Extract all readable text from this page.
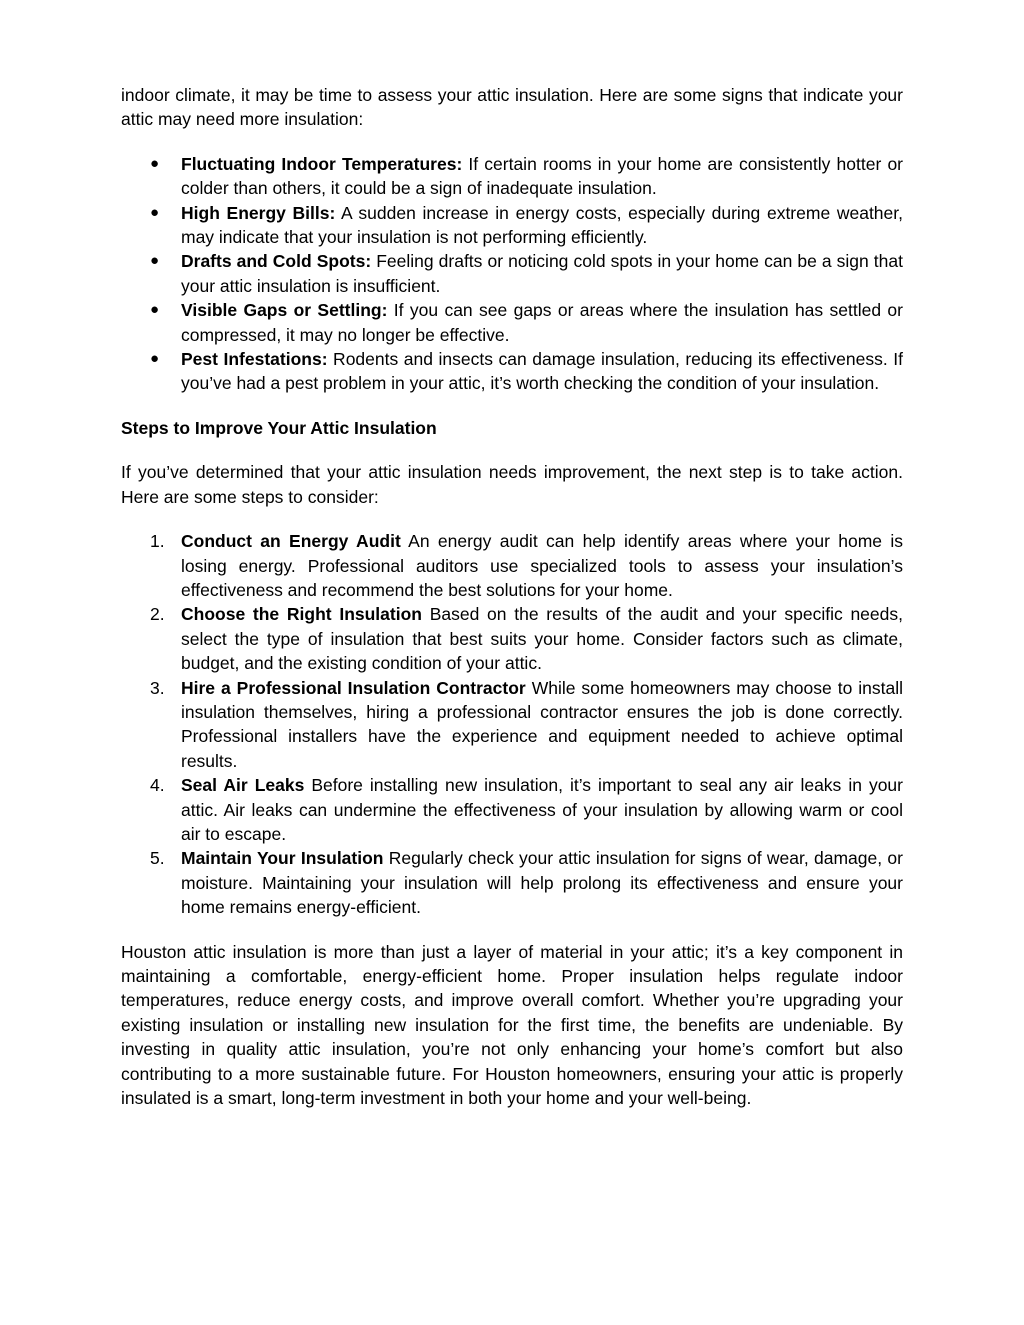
indoor climate, it may be time to assess your attic insulation. Here are some signs that indicate your attic may need more insulation:

● Fluctuating Indoor Temperatures: If certain rooms in your home are consistently hotter or colder than others, it could be a sign of inadequate insulation.
● High Energy Bills: A sudden increase in energy costs, especially during extreme weather, may indicate that your insulation is not performing efficiently.
● Drafts and Cold Spots: Feeling drafts or noticing cold spots in your home can be a sign that your attic insulation is insufficient.
● Visible Gaps or Settling: If you can see gaps or areas where the insulation has settled or compressed, it may no longer be effective.
● Pest Infestations: Rodents and insects can damage insulation, reducing its effectiveness. If you’ve had a pest problem in your attic, it’s worth checking the condition of your insulation.

Steps to Improve Your Attic Insulation

If you’ve determined that your attic insulation needs improvement, the next step is to take action. Here are some steps to consider:

1. Conduct an Energy Audit An energy audit can help identify areas where your home is losing energy. Professional auditors use specialized tools to assess your insulation’s effectiveness and recommend the best solutions for your home.
2. Choose the Right Insulation Based on the results of the audit and your specific needs, select the type of insulation that best suits your home. Consider factors such as climate, budget, and the existing condition of your attic.
3. Hire a Professional Insulation Contractor While some homeowners may choose to install insulation themselves, hiring a professional contractor ensures the job is done correctly. Professional installers have the experience and equipment needed to achieve optimal results.
4. Seal Air Leaks Before installing new insulation, it’s important to seal any air leaks in your attic. Air leaks can undermine the effectiveness of your insulation by allowing warm or cool air to escape.
5. Maintain Your Insulation Regularly check your attic insulation for signs of wear, damage, or moisture. Maintaining your insulation will help prolong its effectiveness and ensure your home remains energy-efficient.

Houston attic insulation is more than just a layer of material in your attic; it’s a key component in maintaining a comfortable, energy-efficient home. Proper insulation helps regulate indoor temperatures, reduce energy costs, and improve overall comfort. Whether you’re upgrading your existing insulation or installing new insulation for the first time, the benefits are undeniable. By investing in quality attic insulation, you’re not only enhancing your home’s comfort but also contributing to a more sustainable future. For Houston homeowners, ensuring your attic is properly insulated is a smart, long-term investment in both your home and your well-being.
